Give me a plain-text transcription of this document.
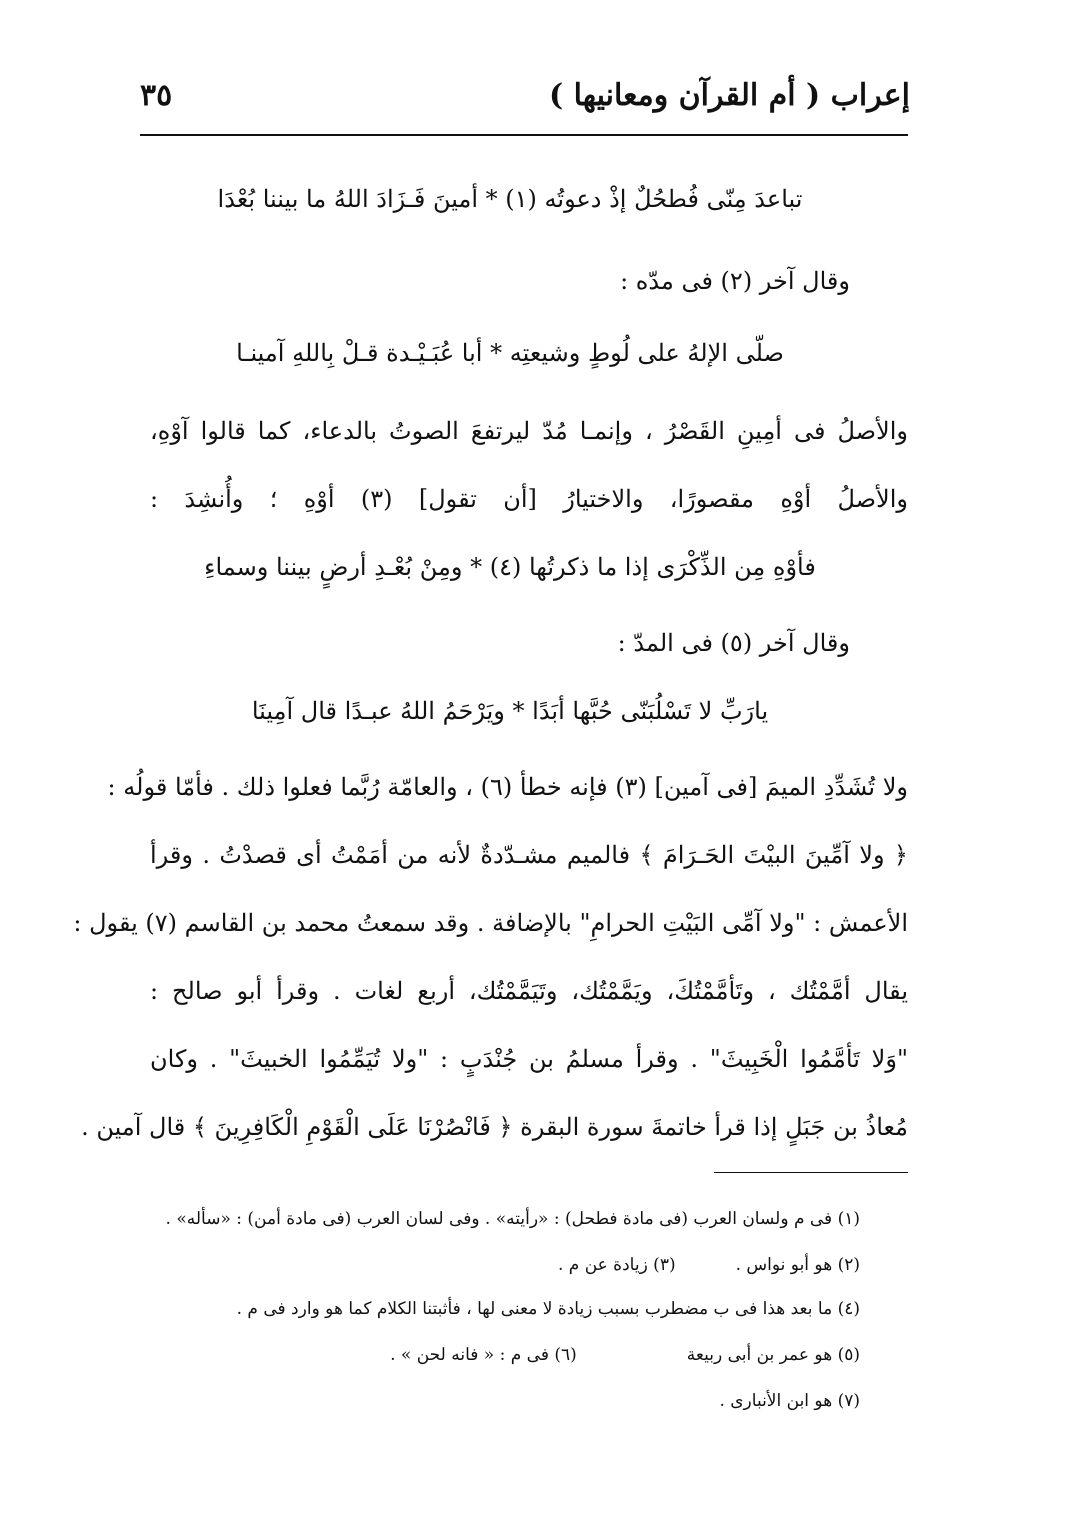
إعراب ( أم القرآن ومعانيها )
٣٥
تباعدَ مِنّى فُطحُلٌ إذْ دعوتُه (١) * أمينَ فَـزَادَ اللهُ ما بيننا بُعْدَا
وقال آخر (٢) فى مدّه :
صلّى الإلهُ على لُوطٍ وشيعتِه * أبا عُبَـيْـدة قـلْ بِاللهِ آمينـا
والأصلُ فى أمِينِ القَصْرُ ، وإنمـا مُدّ ليرتفعَ الصوتُ بالدعاء، كما قالوا آوْهِ،
والأصلُ أوْهِ مقصورًا، والاختيارُ [أن تقول] (٣) أوْهِ ؛ وأُنشِدَ :
فأوْهِ مِن الذِّكْرَى إذا ما ذكرتُها (٤) * ومِنْ بُعْـدِ أرضٍ بيننا وسماءِ
وقال آخر (٥) فى المدّ :
يارَبِّ لا تَسْلُبَنّى حُبَّها أبَدًا * ويَرْحَمُ اللهُ عبـدًا قال آمِينَا
ولا تُشَدِّدِ الميمَ [فى آمين] (٣) فإنه خطأ (٦) ، والعامّة رُبَّما فعلوا ذلك . فأمّا قولُه :
﴿ ولا آمِّينَ البيْتَ الحَـرَامَ ﴾ فالميم مشـدّدةٌ لأنه من أمَمْتُ أى قصدْتُ . وقرأ
الأعمش : "ولا آمِّى البَيْتِ الحرامِ" بالإضافة . وقد سمعتُ محمد بن القاسم (٧) يقول :
يقال أمَّمْتُك ، وتَأمَّمْتُكَ، ويَمَّمْتُك، وتَيَمَّمْتُك، أربع لغات . وقرأ أبو صالح :
"وَلا تَأمَّمُوا الْخَبِيثَ" . وقرأ مسلمُ بن جُنْدَبٍ : "ولا تُيَمِّمُوا الخبيثَ" . وكان
مُعاذُ بن جَبَلٍ إذا قرأ خاتمةَ سورة البقرة ﴿ فَانْصُرْنَا عَلَى الْقَوْمِ الْكَافِرِينَ ﴾ قال آمين .
(١) فى م ولسان العرب (فى مادة فطحل) : «رأيته» . وفى لسان العرب (فى مادة أمن) : «سأله» .
(٢) هو أبو نواس .(٣) زيادة عن م .
(٤) ما بعد هذا فى ب مضطرب بسبب زيادة لا معنى لها ، فأثبتنا الكلام كما هو وارد فى م .
(٥) هو عمر بن أبى ربيعة(٦) فى م : « فانه لحن » .
(٧) هو ابن الأنبارى .
